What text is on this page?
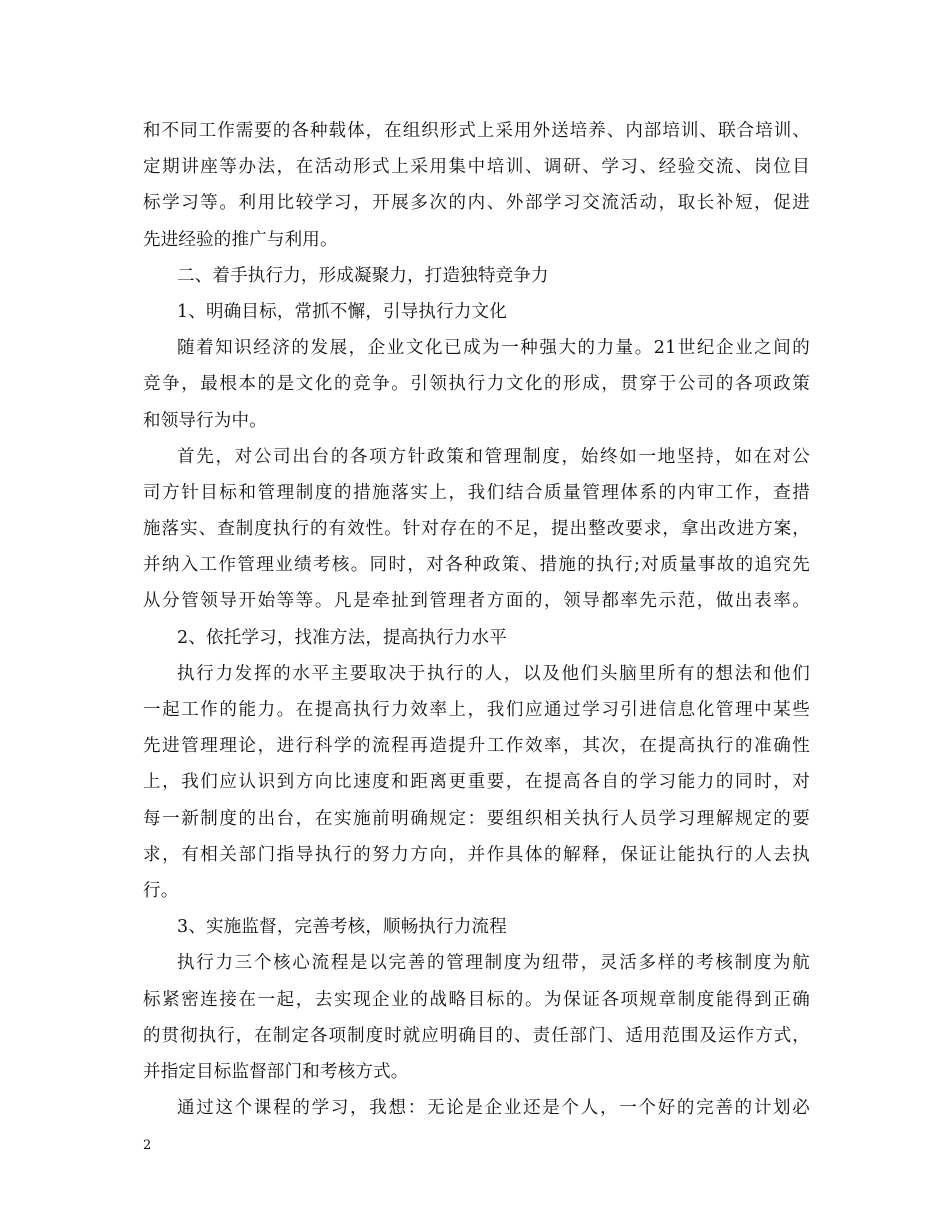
和不同工作需要的各种载体，在组织形式上采用外送培养、内部培训、联合培训、
定期讲座等办法，在活动形式上采用集中培训、调研、学习、经验交流、岗位目
标学习等。利用比较学习，开展多次的内、外部学习交流活动，取长补短，促进
先进经验的推广与利用。
二、着手执行力，形成凝聚力，打造独特竞争力
1、明确目标，常抓不懈，引导执行力文化
随着知识经济的发展，企业文化已成为一种强大的力量。21世纪企业之间的
竞争，最根本的是文化的竞争。引领执行力文化的形成，贯穿于公司的各项政策
和领导行为中。
首先，对公司出台的各项方针政策和管理制度，始终如一地坚持，如在对公
司方针目标和管理制度的措施落实上，我们结合质量管理体系的内审工作，查措
施落实、查制度执行的有效性。针对存在的不足，提出整改要求，拿出改进方案，
并纳入工作管理业绩考核。同时，对各种政策、措施的执行;对质量事故的追究先
从分管领导开始等等。凡是牵扯到管理者方面的，领导都率先示范，做出表率。
2、依托学习，找准方法，提高执行力水平
执行力发挥的水平主要取决于执行的人，以及他们头脑里所有的想法和他们
一起工作的能力。在提高执行力效率上，我们应通过学习引进信息化管理中某些
先进管理理论，进行科学的流程再造提升工作效率，其次，在提高执行的准确性
上，我们应认识到方向比速度和距离更重要，在提高各自的学习能力的同时，对
每一新制度的出台，在实施前明确规定：要组织相关执行人员学习理解规定的要
求，有相关部门指导执行的努力方向，并作具体的解释，保证让能执行的人去执
行。
3、实施监督，完善考核，顺畅执行力流程
执行力三个核心流程是以完善的管理制度为纽带，灵活多样的考核制度为航
标紧密连接在一起，去实现企业的战略目标的。为保证各项规章制度能得到正确
的贯彻执行，在制定各项制度时就应明确目的、责任部门、适用范围及运作方式，
并指定目标监督部门和考核方式。
通过这个课程的学习，我想：无论是企业还是个人，一个好的完善的计划必
2
